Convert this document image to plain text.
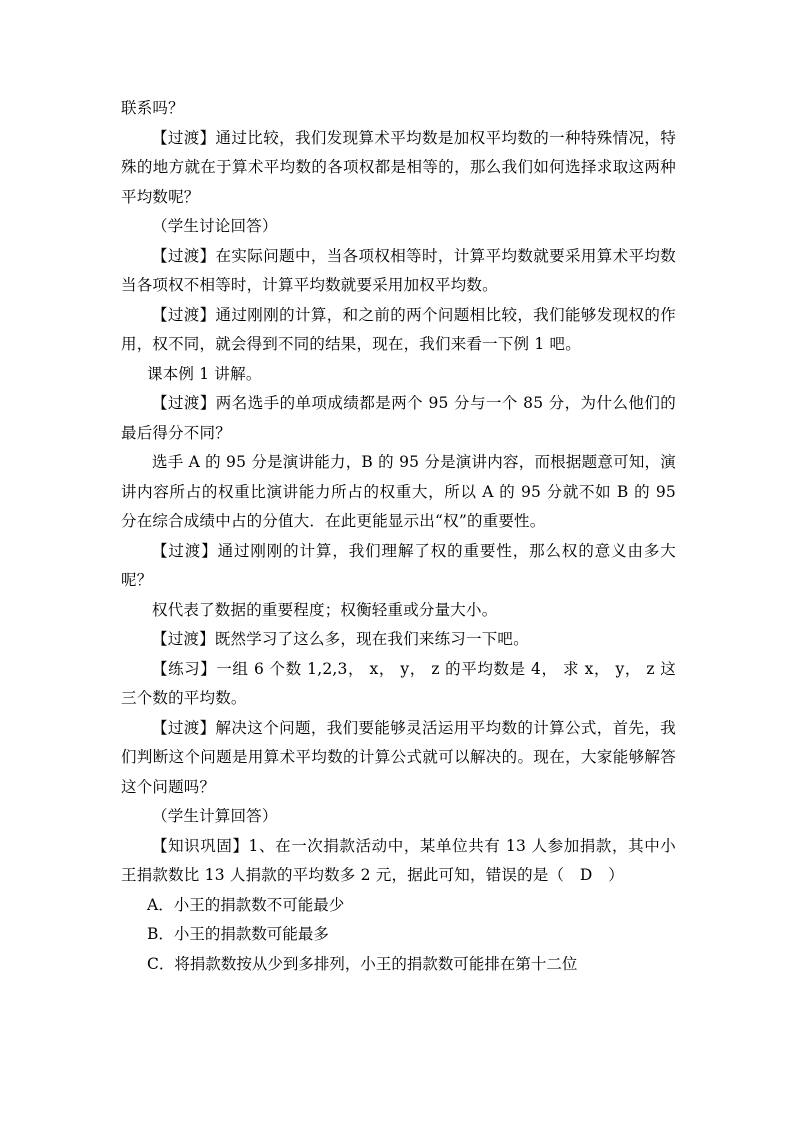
联系吗？

【过渡】通过比较，我们发现算术平均数是加权平均数的一种特殊情况，特殊的地方就在于算术平均数的各项权都是相等的，那么我们如何选择求取这两种平均数呢？

（学生讨论回答）

【过渡】在实际问题中，当各项权相等时，计算平均数就要采用算术平均数当各项权不相等时，计算平均数就要采用加权平均数。

【过渡】通过刚刚的计算，和之前的两个问题相比较，我们能够发现权的作用，权不同，就会得到不同的结果，现在，我们来看一下例 1 吧。

课本例 1 讲解。

【过渡】两名选手的单项成绩都是两个 95 分与一个 85 分，为什么他们的最后得分不同？

选手 A 的 95 分是演讲能力，B 的 95 分是演讲内容，而根据题意可知，演讲内容所占的权重比演讲能力所占的权重大，所以 A 的 95 分就不如 B 的 95 分在综合成绩中占的分值大．在此更能显示出“权”的重要性。

【过渡】通过刚刚的计算，我们理解了权的重要性，那么权的意义由多大呢？

权代表了数据的重要程度；权衡轻重或分量大小。

【过渡】既然学习了这么多，现在我们来练习一下吧。

【练习】一组 6 个数 1,2,3， x， y， z 的平均数是 4， 求 x， y， z 这三个数的平均数。

【过渡】解决这个问题，我们要能够灵活运用平均数的计算公式，首先，我们判断这个问题是用算术平均数的计算公式就可以解决的。现在，大家能够解答这个问题吗？

（学生计算回答）

【知识巩固】1、在一次捐款活动中，某单位共有 13 人参加捐款，其中小王捐款数比 13 人捐款的平均数多 2 元，据此可知，错误的是（　D　）

A．小王的捐款数不可能最少

B．小王的捐款数可能最多

C．将捐款数按从少到多排列，小王的捐款数可能排在第十二位
